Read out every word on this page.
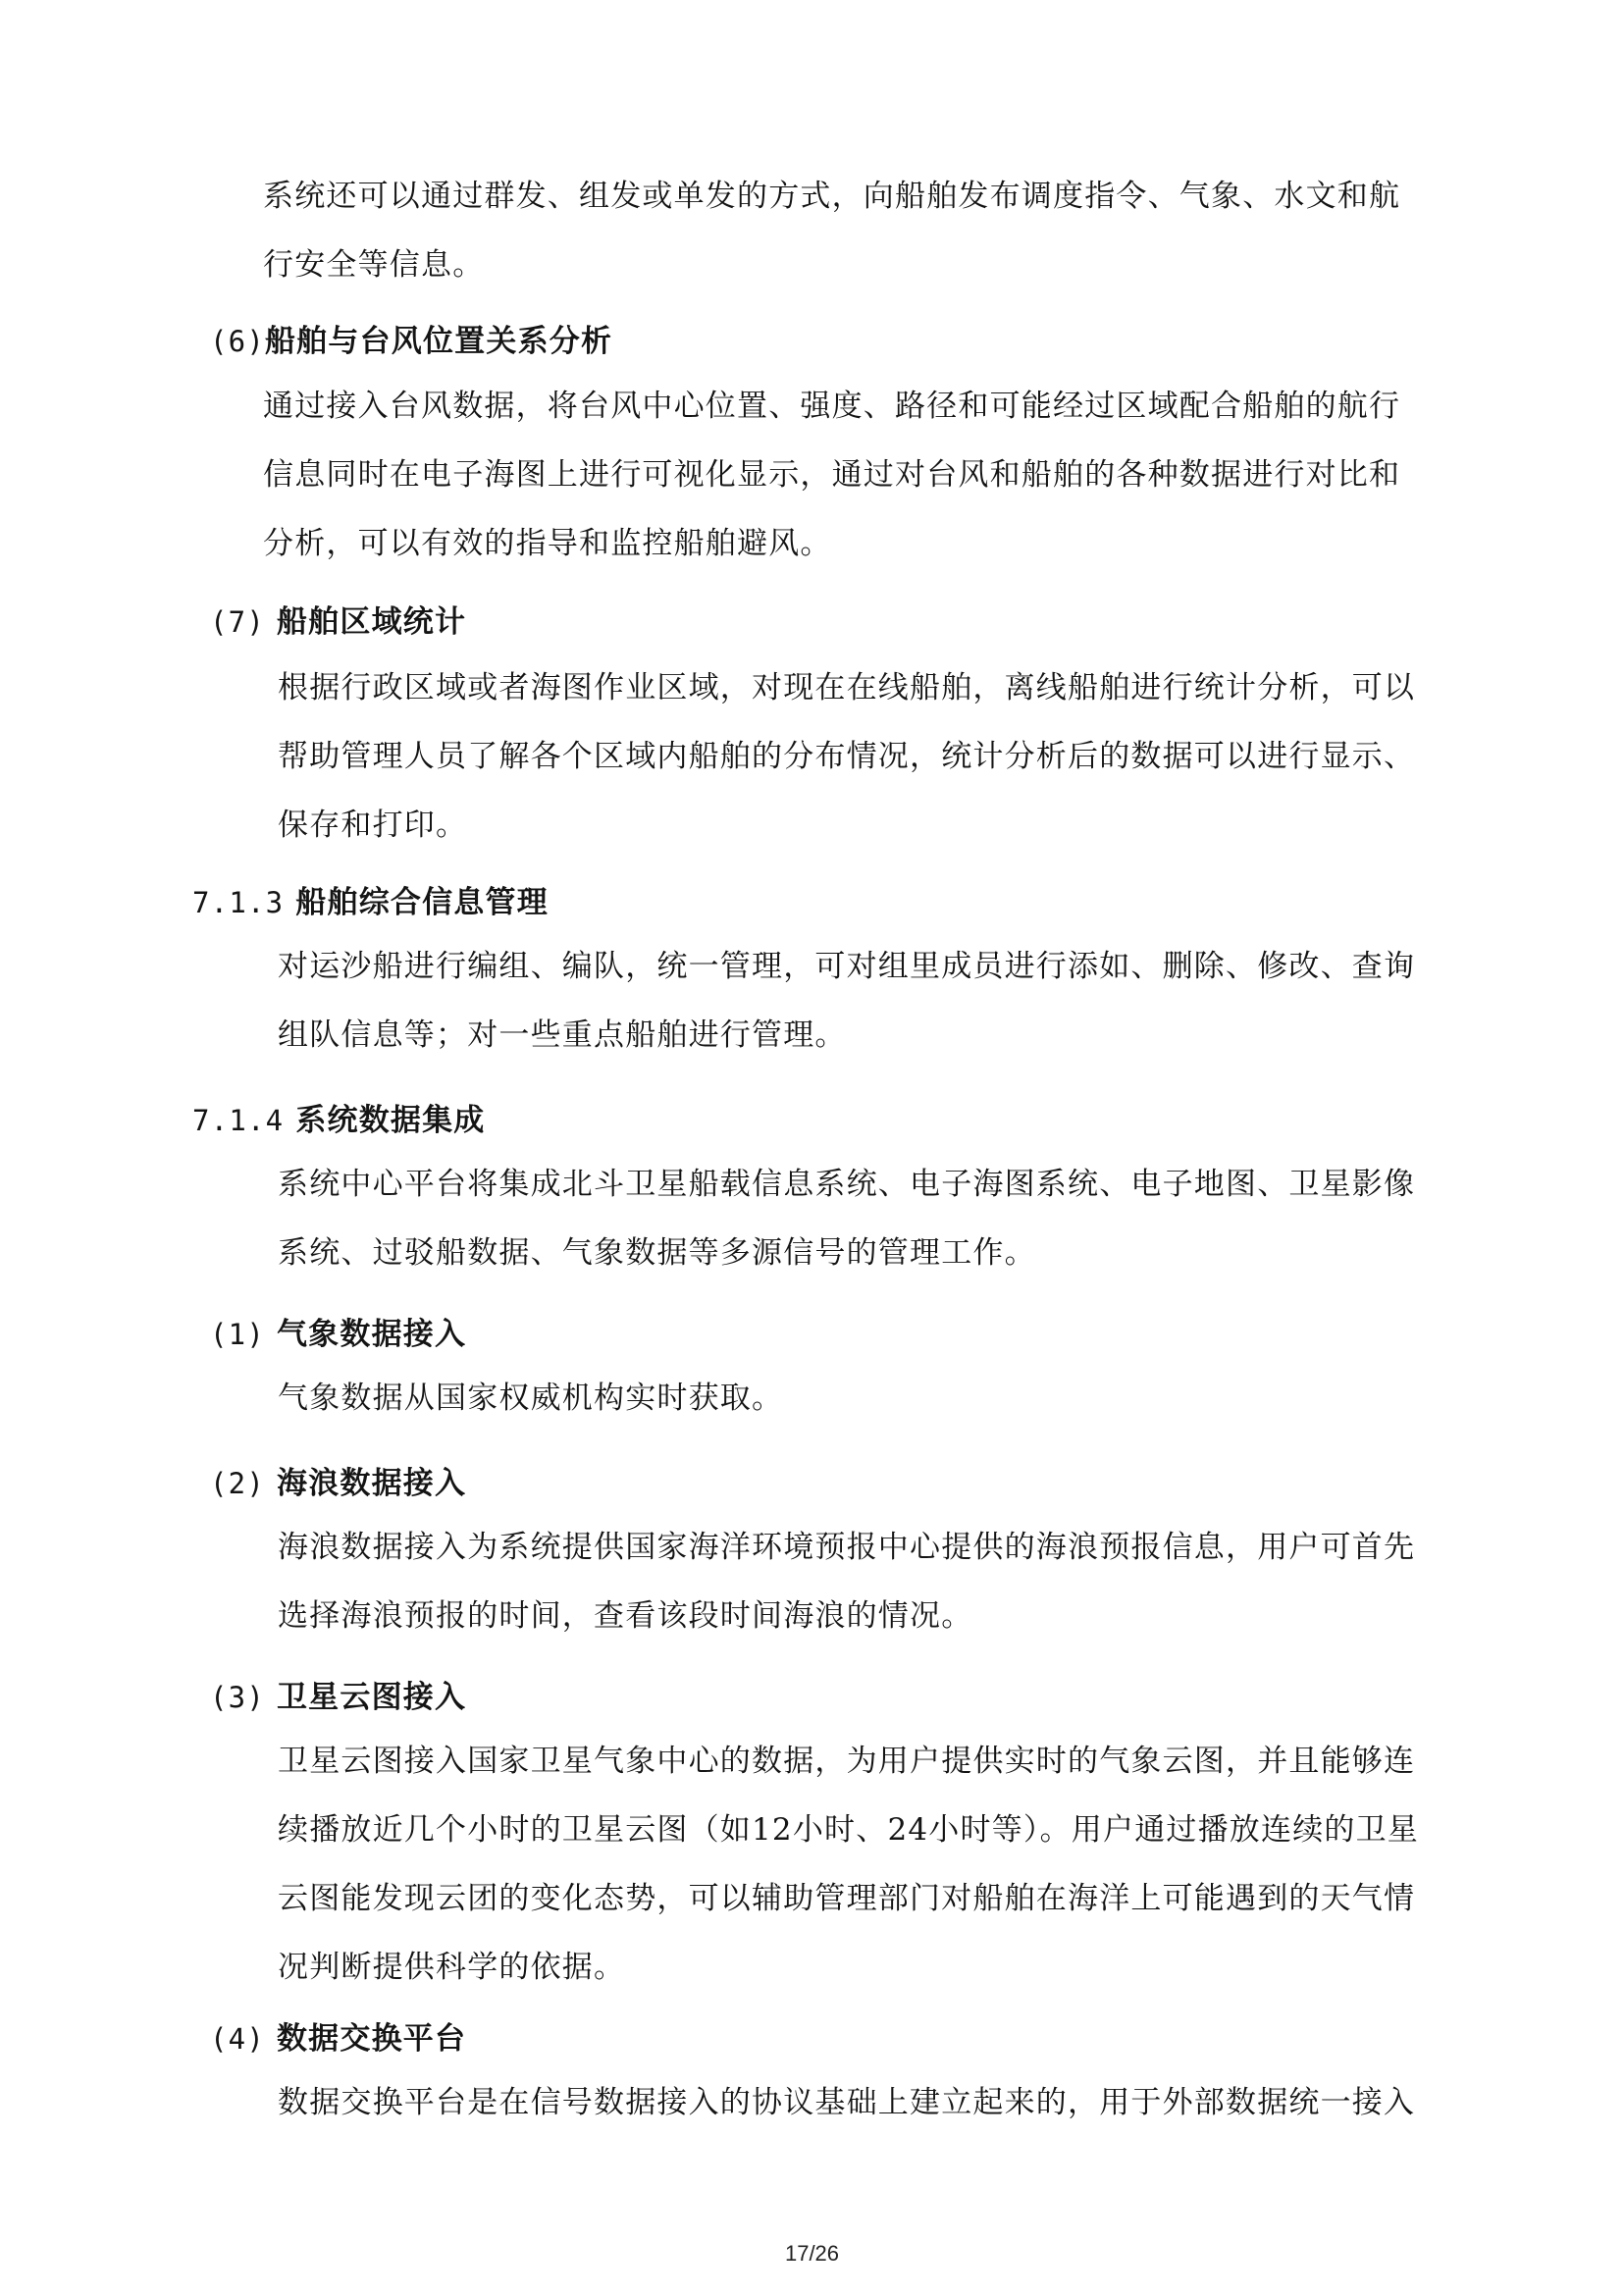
系统还可以通过群发、组发或单发的方式，向船舶发布调度指令、气象、水文和航
行安全等信息。
(6)船舶与台风位置关系分析
通过接入台风数据，将台风中心位置、强度、路径和可能经过区域配合船舶的航行
信息同时在电子海图上进行可视化显示，通过对台风和船舶的各种数据进行对比和
分析，可以有效的指导和监控船舶避风。
(7) 船舶区域统计
根据行政区域或者海图作业区域，对现在在线船舶，离线船舶进行统计分析，可以
帮助管理人员了解各个区域内船舶的分布情况，统计分析后的数据可以进行显示、
保存和打印。
7.1.3 船舶综合信息管理
对运沙船进行编组、编队，统一管理，可对组里成员进行添如、删除、修改、查询
组队信息等；对一些重点船舶进行管理。
7.1.4 系统数据集成
系统中心平台将集成北斗卫星船载信息系统、电子海图系统、电子地图、卫星影像
系统、过驳船数据、气象数据等多源信号的管理工作。
(1) 气象数据接入
气象数据从国家权威机构实时获取。
(2) 海浪数据接入
海浪数据接入为系统提供国家海洋环境预报中心提供的海浪预报信息，用户可首先
选择海浪预报的时间，查看该段时间海浪的情况。
(3) 卫星云图接入
卫星云图接入国家卫星气象中心的数据，为用户提供实时的气象云图，并且能够连
续播放近几个小时的卫星云图（如12小时、24小时等）。用户通过播放连续的卫星
云图能发现云团的变化态势，可以辅助管理部门对船舶在海洋上可能遇到的天气情
况判断提供科学的依据。
(4) 数据交换平台
数据交换平台是在信号数据接入的协议基础上建立起来的，用于外部数据统一接入
17/26
